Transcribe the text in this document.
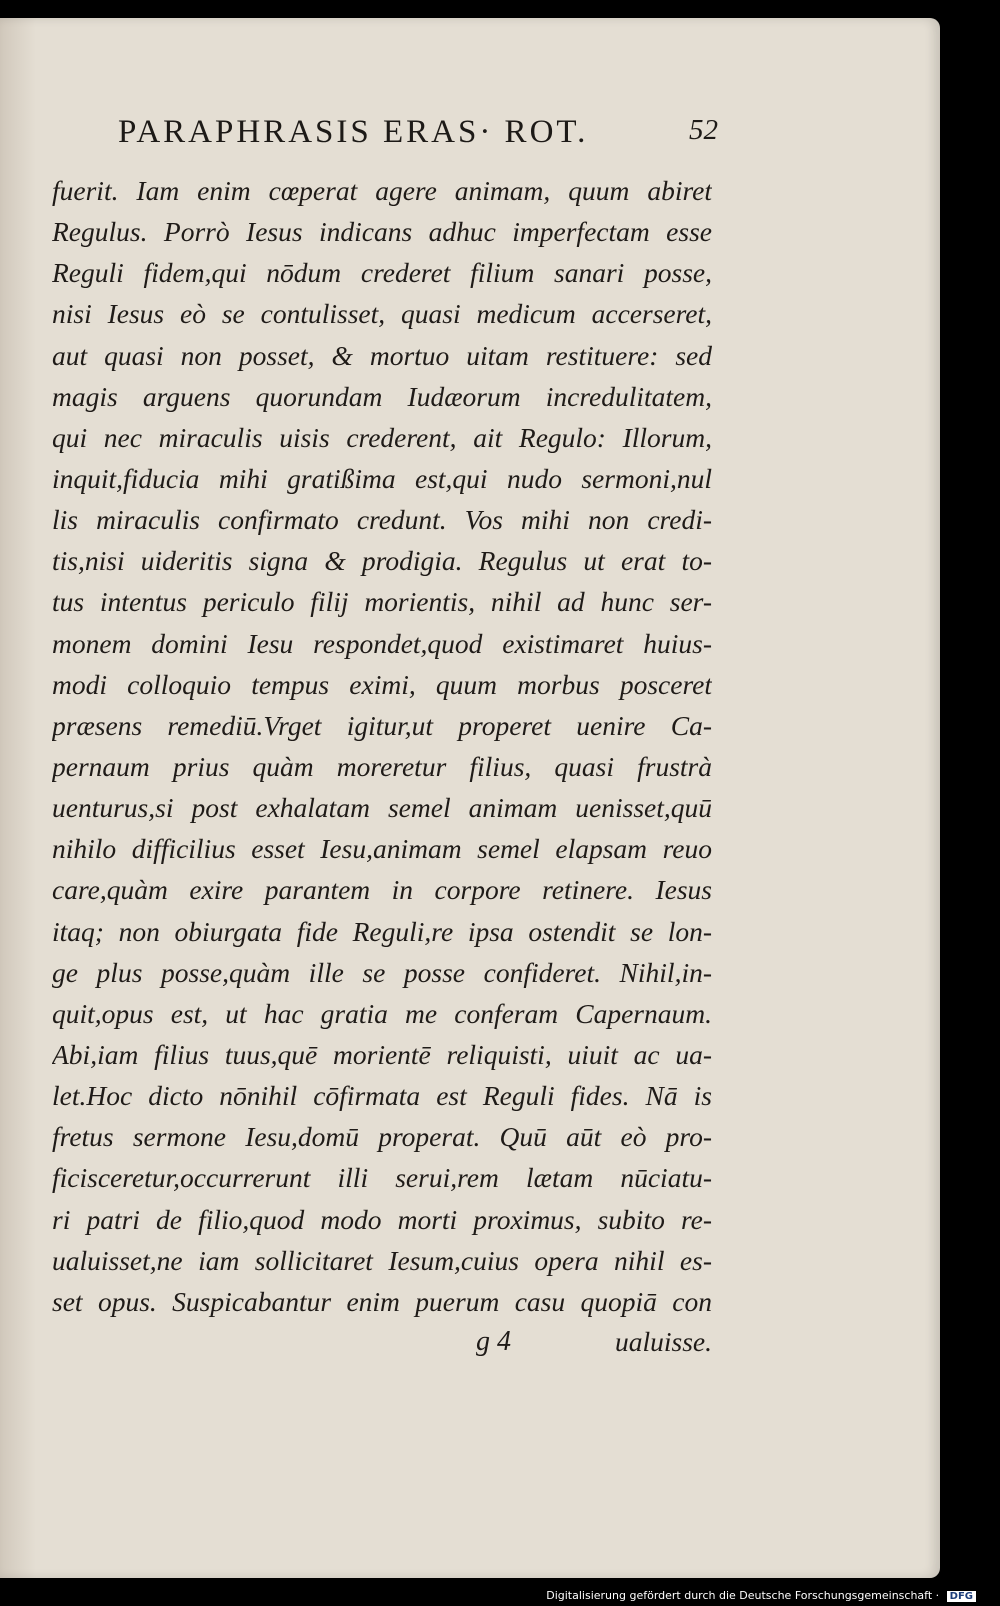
PARAPHRASIS ERAS· ROT.	52
fuerit. Iam enim cœperat agere animam, quum abiret
Regulus. Porrò Iesus indicans adhuc imperfectam esse
Reguli fidem,qui nōdum crederet filium sanari posse,
nisi Iesus eò se contulisset, quasi medicum accerseret,
aut quasi non posset, & mortuo uitam restituere: sed
magis arguens quorundam Iudæorum incredulitatem,
qui nec miraculis uisis crederent, ait Regulo: Illorum,
inquit,fiducia mihi gratißima est,qui nudo sermoni,nul
lis miraculis confirmato credunt. Vos mihi non credi-
tis,nisi uideritis signa & prodigia. Regulus ut erat to-
tus intentus periculo filij morientis, nihil ad hunc ser-
monem domini Iesu respondet,quod existimaret huius-
modi colloquio tempus eximi, quum morbus posceret
præsens remediū.Vrget igitur,ut properet uenire Ca-
pernaum prius quàm moreretur filius, quasi frustrà
uenturus,si post exhalatam semel animam uenisset,quū
nihilo difficilius esset Iesu,animam semel elapsam reuo
care,quàm exire parantem in corpore retinere. Iesus
itaq; non obiurgata fide Reguli,re ipsa ostendit se lon-
ge plus posse,quàm ille se posse confideret. Nihil,in-
quit,opus est, ut hac gratia me conferam Capernaum.
Abi,iam filius tuus,quē morientē reliquisti, uiuit ac ua-
let.Hoc dicto nōnihil cōfirmata est Reguli fides. Nā is
fretus sermone Iesu,domū properat. Quū aūt eò pro-
ficisceretur,occurrerunt illi serui,rem lætam nūciatu-
ri patri de filio,quod modo morti proximus, subito re-
ualuisset,ne iam sollicitaret Iesum,cuius opera nihil es-
set opus. Suspicabantur enim puerum casu quopiā con
g 4	ualuisse.
Digitalisierung gefördert durch die Deutsche Forschungsgemeinschaft · DFG
